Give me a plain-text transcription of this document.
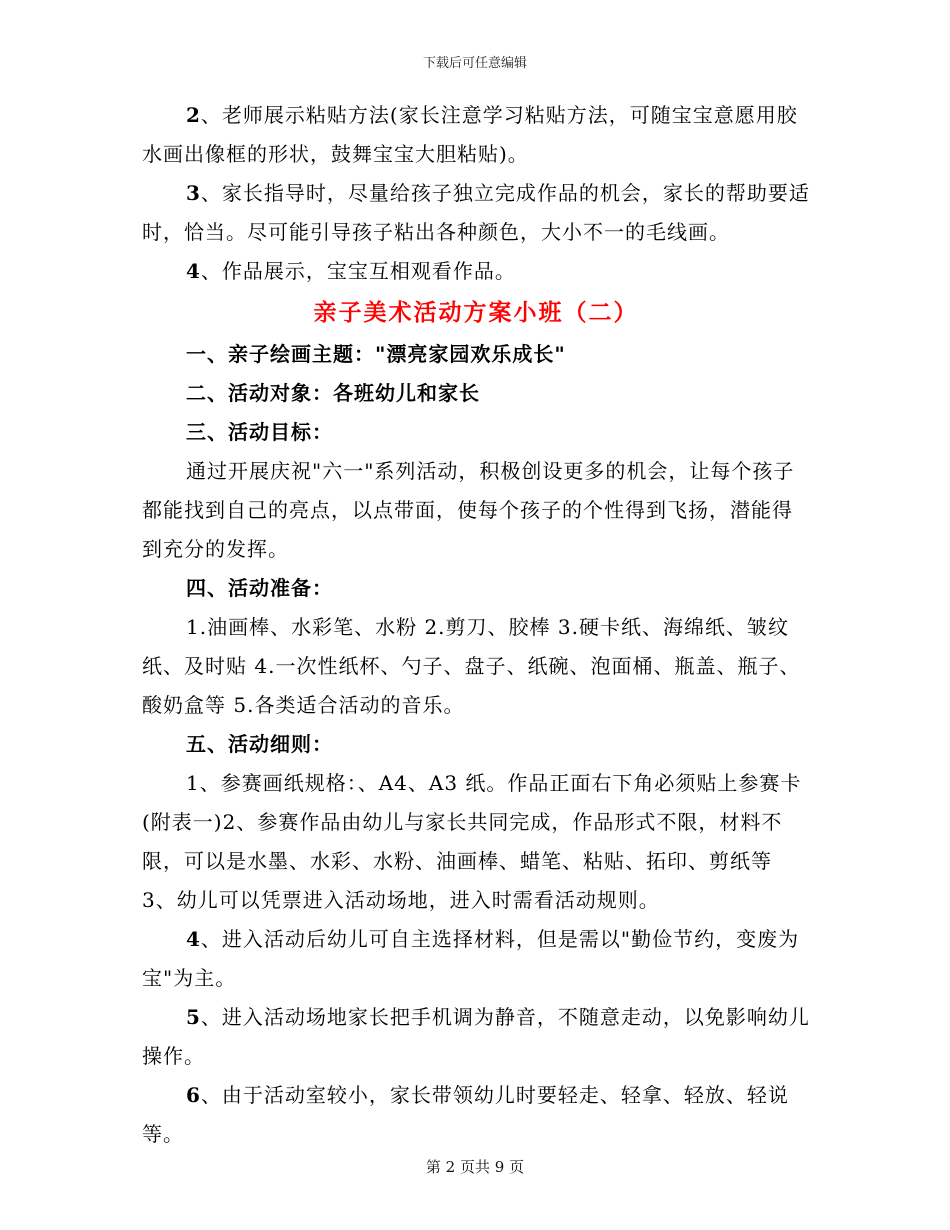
下载后可任意编辑

2、老师展示粘贴方法(家长注意学习粘贴方法，可随宝宝意愿用胶水画出像框的形状，鼓舞宝宝大胆粘贴)。

3、家长指导时，尽量给孩子独立完成作品的机会，家长的帮助要适时，恰当。尽可能引导孩子粘出各种颜色，大小不一的毛线画。

4、作品展示，宝宝互相观看作品。

亲子美术活动方案小班（二）

一、亲子绘画主题："漂亮家园欢乐成长"

二、活动对象：各班幼儿和家长

三、活动目标：

通过开展庆祝"六一"系列活动，积极创设更多的机会，让每个孩子都能找到自己的亮点，以点带面，使每个孩子的个性得到飞扬，潜能得到充分的发挥。

四、活动准备：

1.油画棒、水彩笔、水粉 2.剪刀、胶棒 3.硬卡纸、海绵纸、皱纹纸、及时贴 4.一次性纸杯、勺子、盘子、纸碗、泡面桶、瓶盖、瓶子、酸奶盒等 5.各类适合活动的音乐。

五、活动细则：

1、参赛画纸规格：、A4、A3 纸。作品正面右下角必须贴上参赛卡(附表一)2、参赛作品由幼儿与家长共同完成，作品形式不限，材料不限，可以是水墨、水彩、水粉、油画棒、蜡笔、粘贴、拓印、剪纸等 3、幼儿可以凭票进入活动场地，进入时需看活动规则。

4、进入活动后幼儿可自主选择材料，但是需以"勤俭节约，变废为宝"为主。

5、进入活动场地家长把手机调为静音，不随意走动，以免影响幼儿操作。

6、由于活动室较小，家长带领幼儿时要轻走、轻拿、轻放、轻说等。

第 2 页共 9 页
